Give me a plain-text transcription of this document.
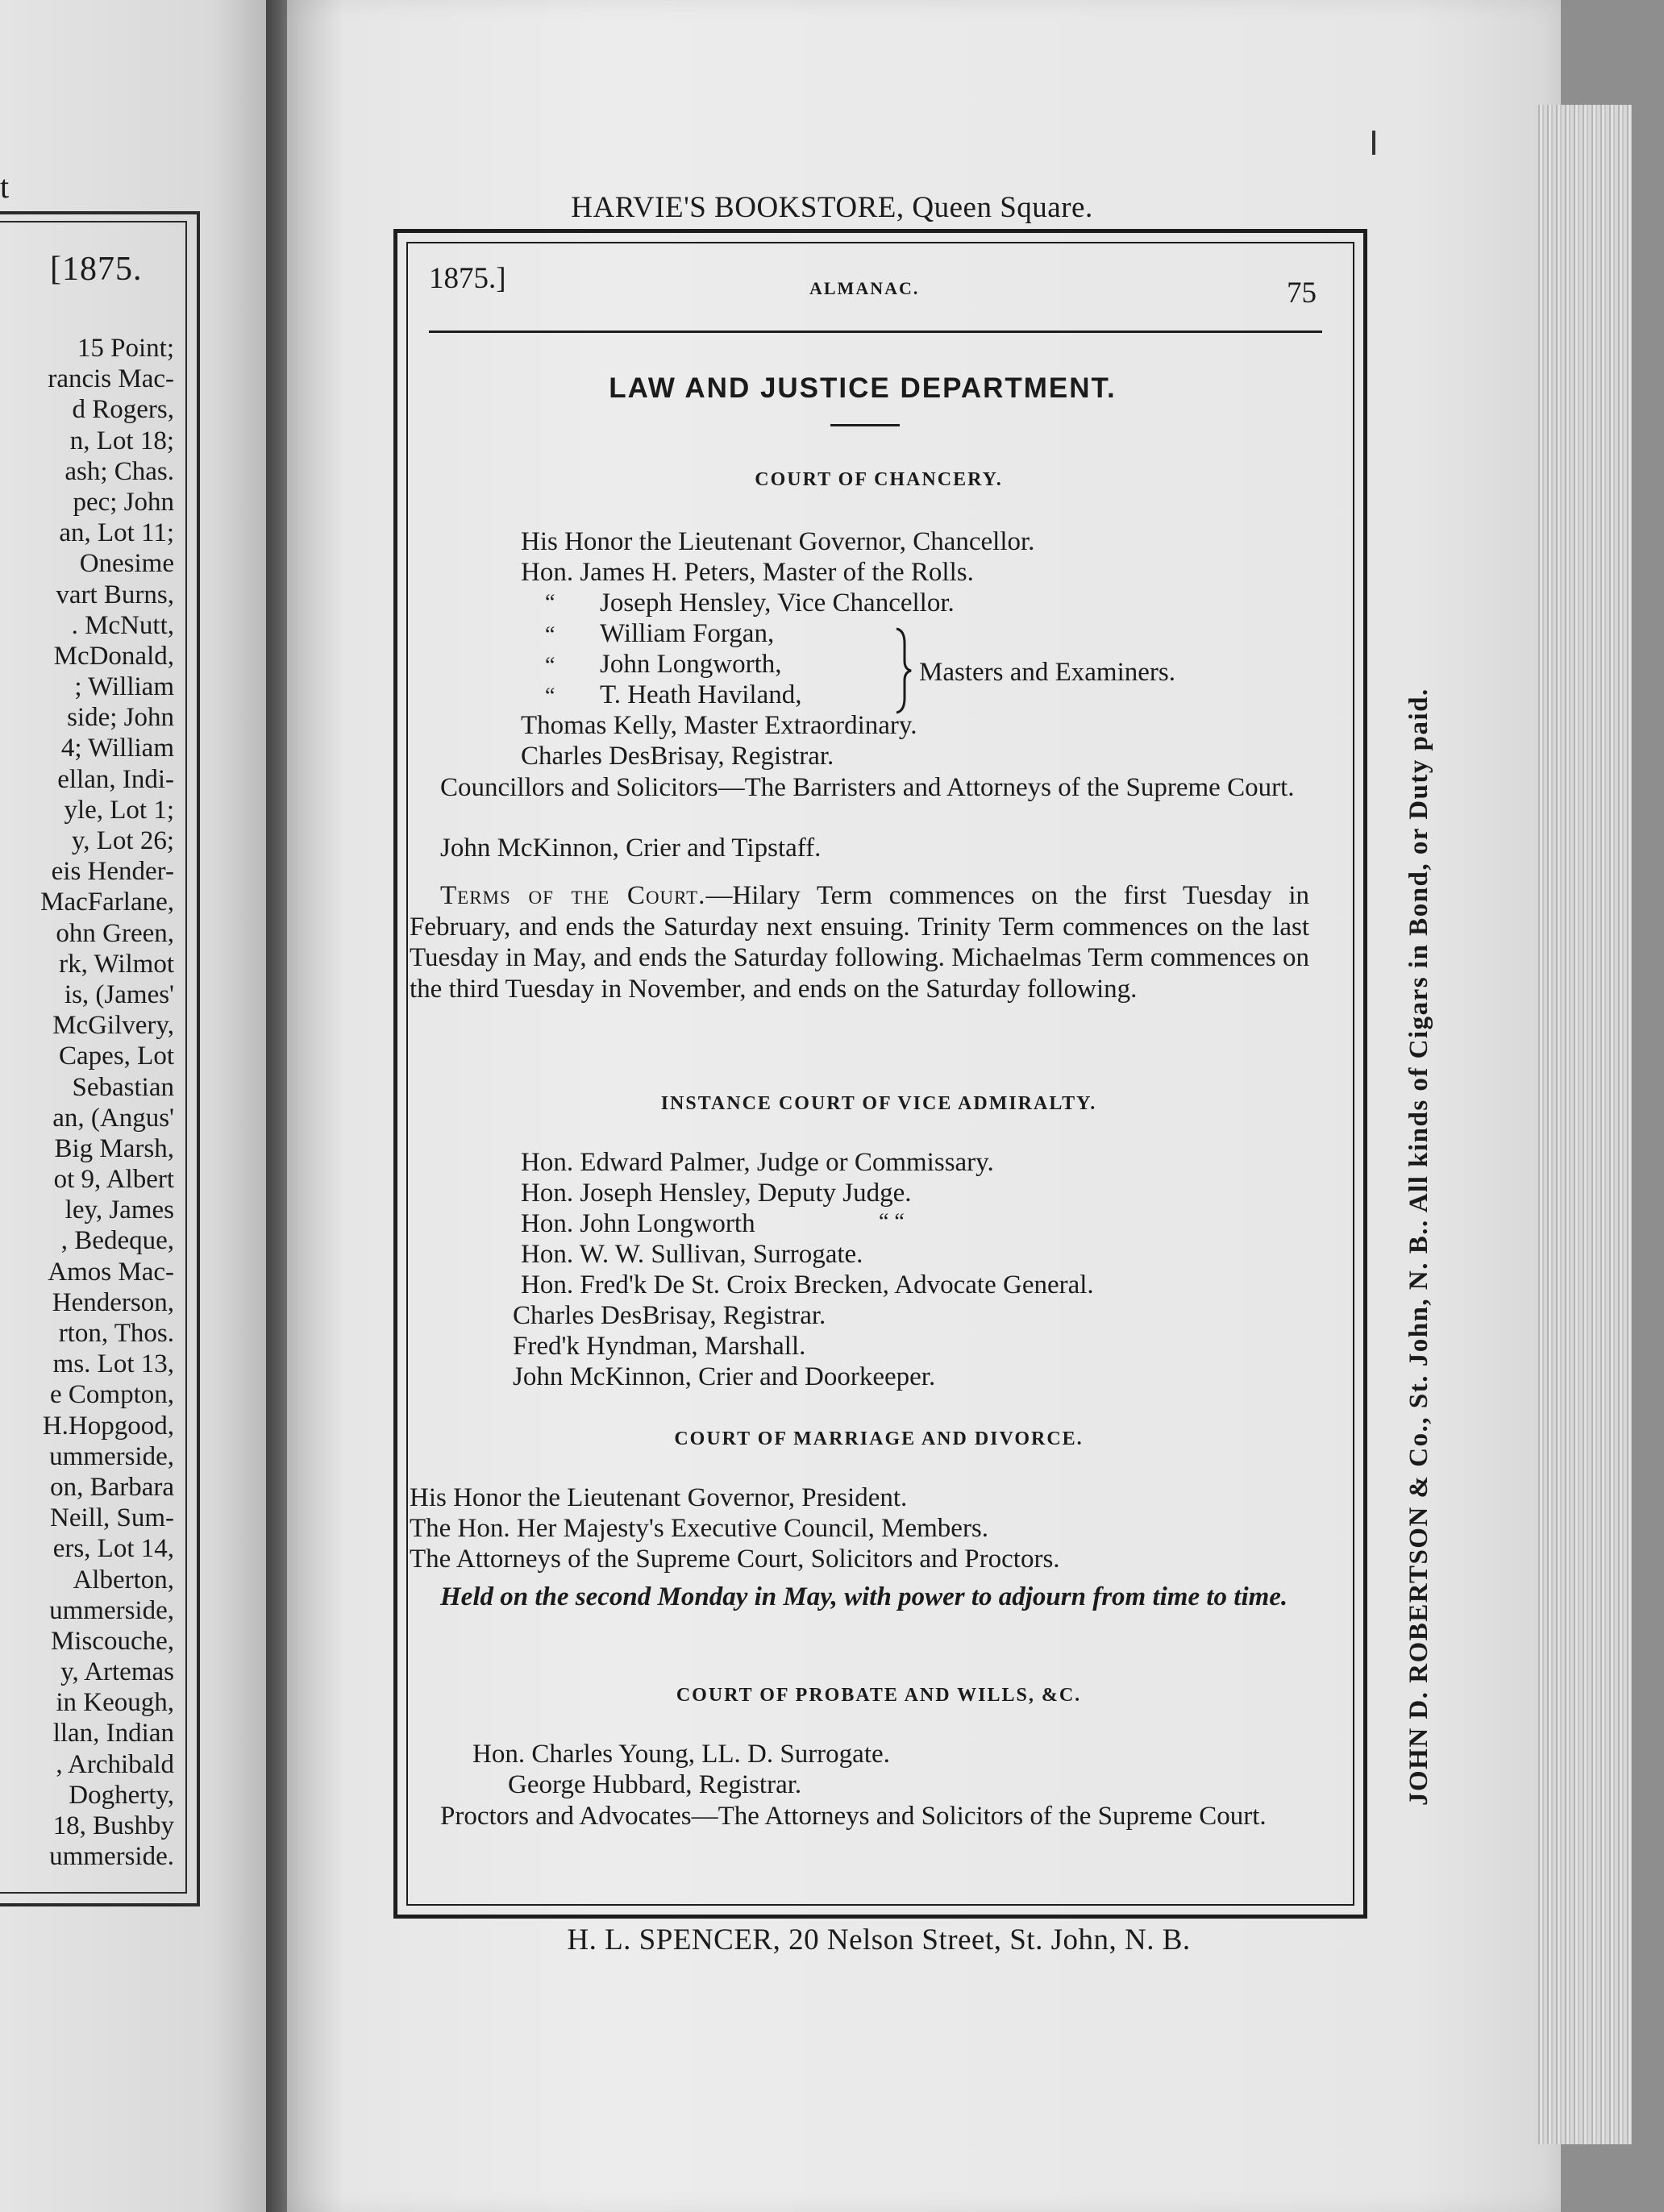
t
[1875.
15 Point;
rancis Mac-
d Rogers,
n, Lot 18;
ash; Chas.
pec; John
an, Lot 11;
Onesime
vart Burns,
. McNutt,
McDonald,
; William
side; John
4; William
ellan, Indi-
yle, Lot 1;
y, Lot 26;
eis Hender-
MacFarlane,
ohn Green,
rk, Wilmot
is, (James'
McGilvery,
Capes, Lot
Sebastian
an, (Angus'
Big Marsh,
ot 9, Albert
ley, James
, Bedeque,
Amos Mac-
Henderson,
rton, Thos.
ms. Lot 13,
e Compton,
H.Hopgood,
ummerside,
on, Barbara
Neill, Sum-
ers, Lot 14,
Alberton,
ummerside,
Miscouche,
y, Artemas
in Keough,
llan, Indian
, Archibald
Dogherty,
18, Bushby
ummerside.
HARVIE'S BOOKSTORE, Queen Square.
1875.]	ALMANAC.	75
LAW AND JUSTICE DEPARTMENT.
COURT OF CHANCERY.
His Honor the Lieutenant Governor, Chancellor.
Hon. James H. Peters, Master of the Rolls.
“ Joseph Hensley, Vice Chancellor.
“ William Forgan,
“ John Longworth,
“ T. Heath Haviland,
Masters and Examiners.
Thomas Kelly, Master Extraordinary.
Charles DesBrisay, Registrar.
Councillors and Solicitors—The Barristers and Attorneys of the Supreme Court.
John McKinnon, Crier and Tipstaff.
Terms of the Court.—Hilary Term commences on the first Tuesday in February, and ends the Saturday next ensuing. Trinity Term commences on the last Tuesday in May, and ends the Saturday following. Michaelmas Term commences on the third Tuesday in November, and ends on the Saturday following.
INSTANCE COURT OF VICE ADMIRALTY.
Hon. Edward Palmer, Judge or Commissary.
Hon. Joseph Hensley, Deputy Judge.
Hon. John Longworth	“ “
Hon. W. W. Sullivan, Surrogate.
Hon. Fred'k De St. Croix Brecken, Advocate General.
Charles DesBrisay, Registrar.
Fred'k Hyndman, Marshall.
John McKinnon, Crier and Doorkeeper.
COURT OF MARRIAGE AND DIVORCE.
His Honor the Lieutenant Governor, President.
The Hon. Her Majesty's Executive Council, Members.
The Attorneys of the Supreme Court, Solicitors and Proctors.
Held on the second Monday in May, with power to adjourn from time to time.
COURT OF PROBATE AND WILLS, &C.
Hon. Charles Young, LL. D. Surrogate.
George Hubbard, Registrar.
Proctors and Advocates—The Attorneys and Solicitors of the Supreme Court.
H. L. SPENCER, 20 Nelson Street, St. John, N. B.
JOHN D. ROBERTSON & Co., St. John, N. B.. All kinds of Cigars in Bond, or Duty paid.
